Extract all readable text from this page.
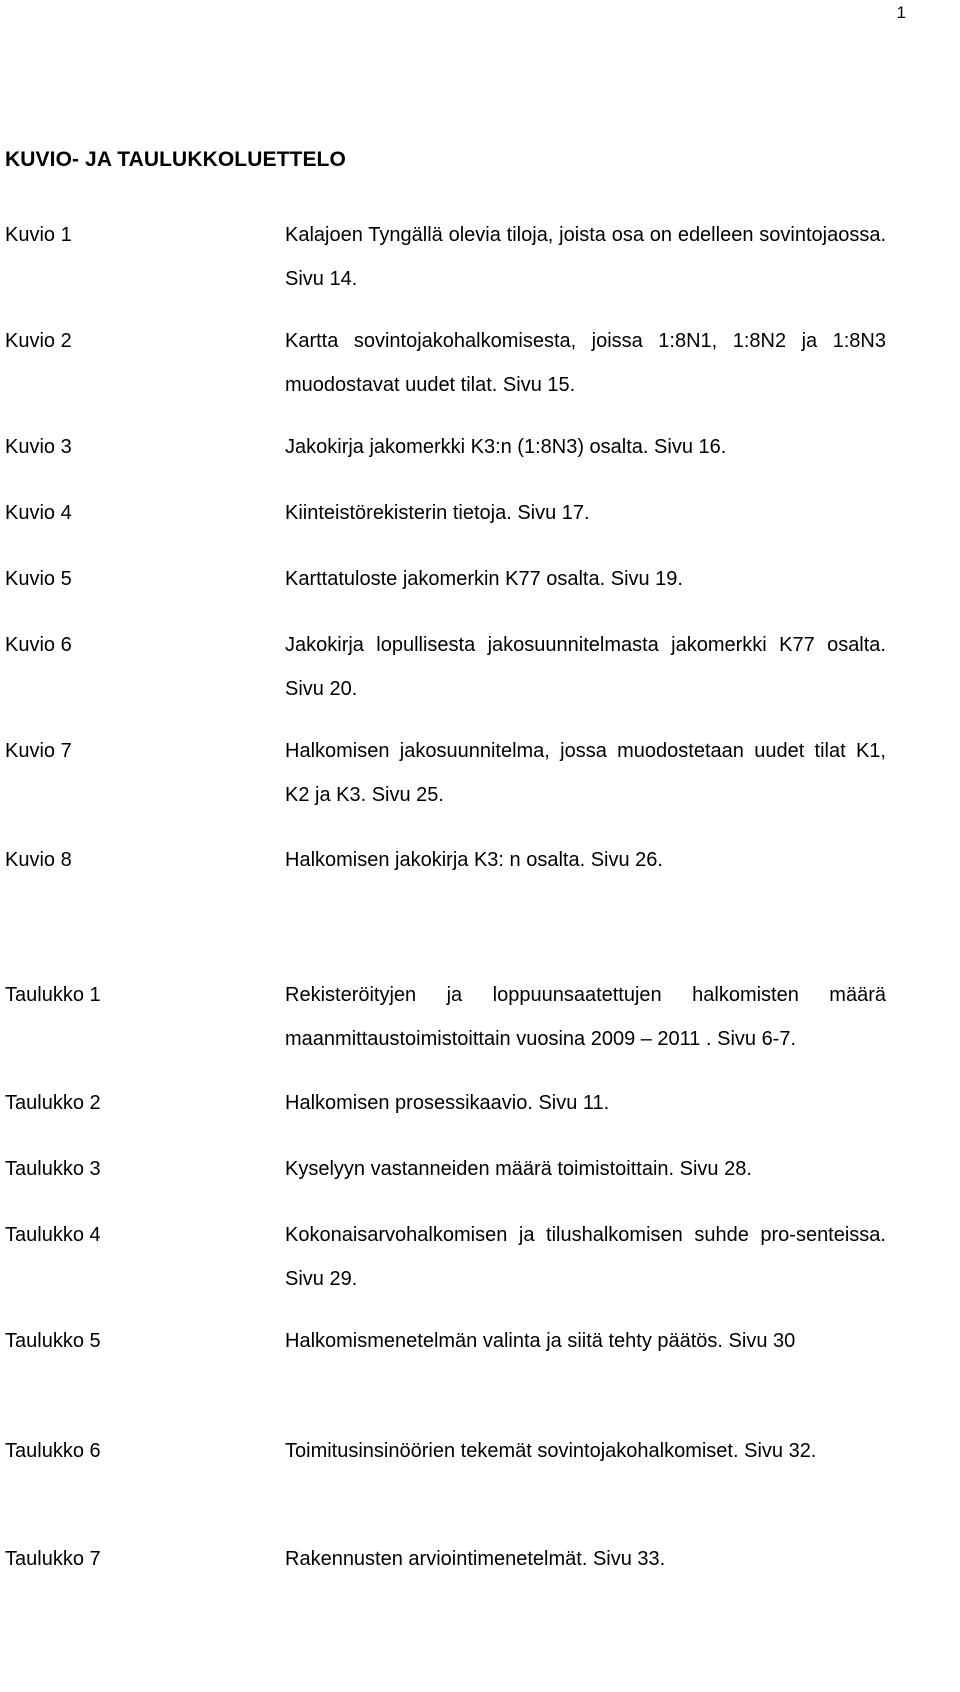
1
KUVIO- JA TAULUKKOLUETTELO
Kuvio 1	Kalajoen Tyngällä olevia tiloja, joista osa on edelleen sovintojaossa. Sivu 14.
Kuvio 2	Kartta sovintojakohalkomisesta, joissa 1:8N1, 1:8N2 ja 1:8N3 muodostavat uudet tilat. Sivu 15.
Kuvio 3	Jakokirja jakomerkki K3:n (1:8N3) osalta. Sivu 16.
Kuvio 4	Kiinteistörekisterin tietoja. Sivu 17.
Kuvio 5	Karttatuloste jakomerkin K77 osalta. Sivu 19.
Kuvio 6	Jakokirja lopullisesta jakosuunnitelmasta jakomerkki K77 osalta. Sivu 20.
Kuvio 7	Halkomisen jakosuunnitelma, jossa muodostetaan uudet tilat K1, K2 ja K3. Sivu 25.
Kuvio 8	Halkomisen jakokirja K3: n osalta. Sivu 26.
Taulukko 1	Rekisteröityjen ja loppuunsaatettujen halkomisten määrä maanmittaustoimistoittain vuosina 2009 – 2011 . Sivu 6-7.
Taulukko 2	Halkomisen prosessikaavio. Sivu 11.
Taulukko 3	Kyselyyn vastanneiden määrä toimistoittain. Sivu 28.
Taulukko 4	Kokonaisarvohalkomisen ja tilushalkomisen suhde pro-senteissa. Sivu 29.
Taulukko 5	Halkomismenetelmän valinta ja siitä tehty päätös. Sivu 30
Taulukko 6	Toimitusinsinöörien tekemät sovintojakohalkomiset. Sivu 32.
Taulukko 7	Rakennusten arviointimenetelmät. Sivu 33.
